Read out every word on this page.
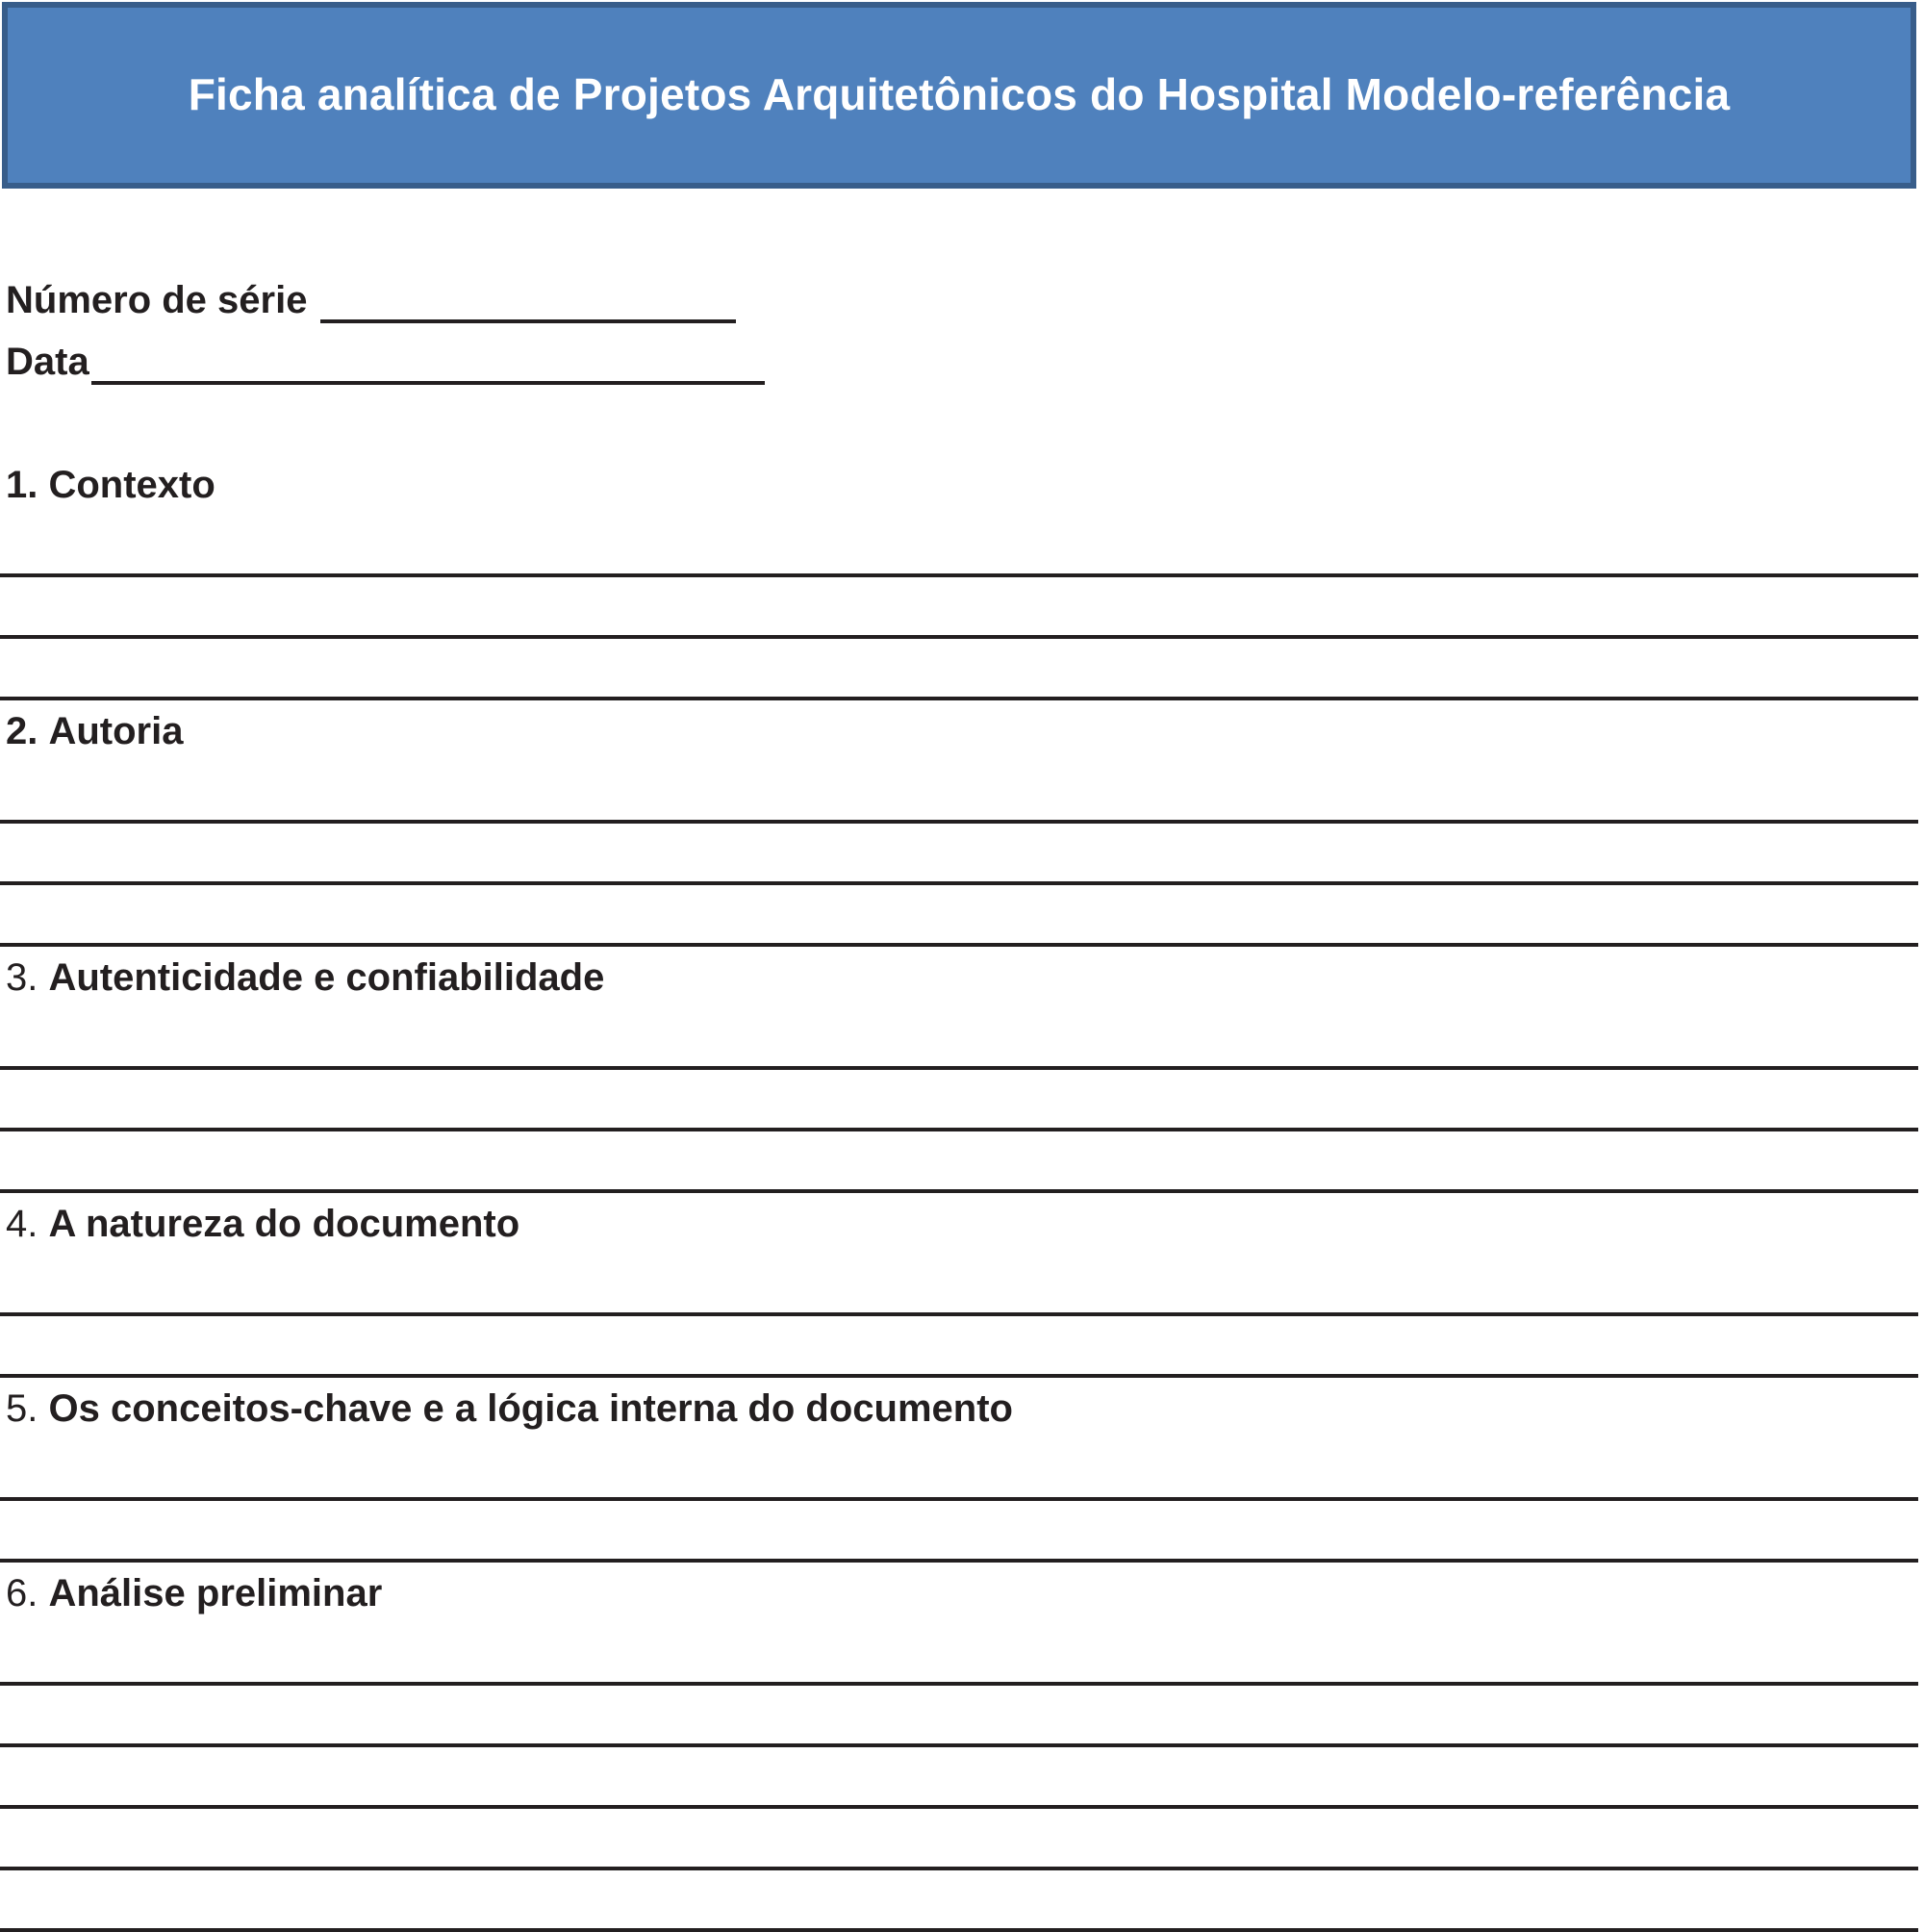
Ficha analítica de Projetos Arquitetônicos do Hospital Modelo-referência
Número de série
Data
1. Contexto
2. Autoria
3. Autenticidade e confiabilidade
4. A natureza do documento
5. Os conceitos-chave e a lógica interna do documento
6. Análise preliminar
